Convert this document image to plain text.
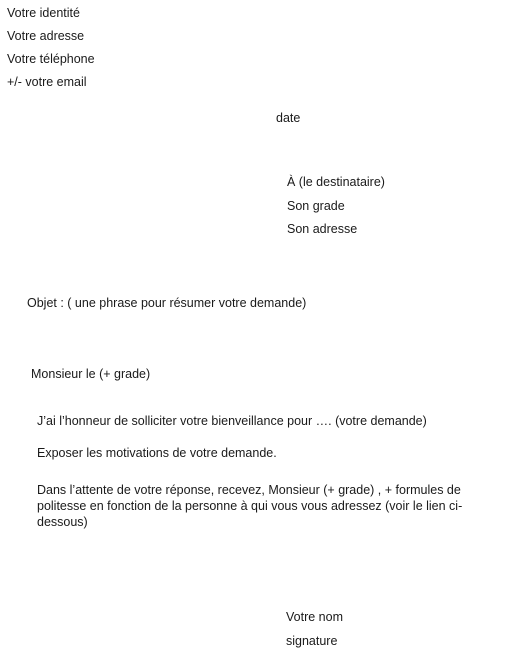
Votre identité
Votre adresse
Votre téléphone
+/- votre email
date
À (le destinataire)
Son grade
Son adresse
Objet : ( une phrase pour résumer votre demande)
Monsieur le (+ grade)
J’ai l’honneur de solliciter votre bienveillance pour …. (votre demande)
Exposer les motivations de votre demande.
Dans l’attente de votre réponse, recevez, Monsieur (+ grade) , + formules de politesse en fonction de la personne à qui vous vous adressez (voir le lien ci-dessous)
Votre nom
signature
